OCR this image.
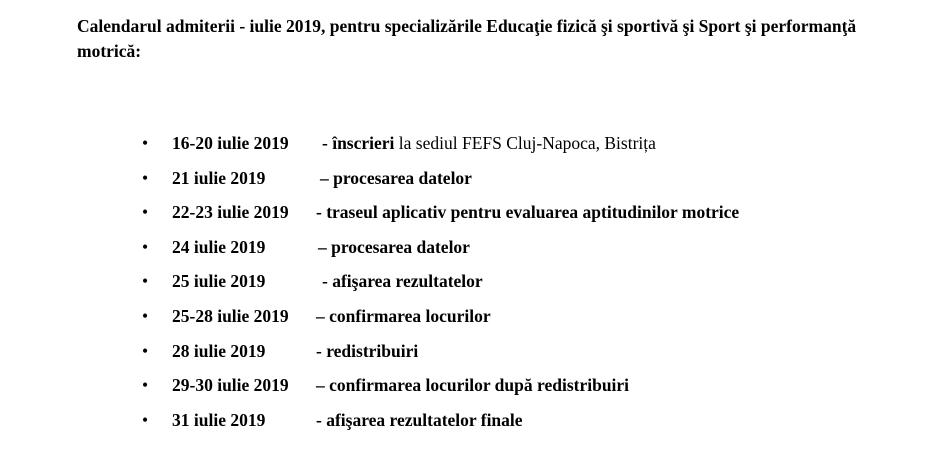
Calendarul admiterii - iulie 2019, pentru specializările Educaţie fizică şi sportivă şi Sport şi performanţă motrică:
• 16-20 iulie 2019 - înscrieri la sediul FEFS Cluj-Napoca, Bistrița
• 21 iulie 2019	– procesarea datelor
• 22-23 iulie 2019 - traseul aplicativ pentru evaluarea aptitudinilor motrice
• 24 iulie 2019	– procesarea datelor
• 25 iulie 2019	- afişarea rezultatelor
• 25-28 iulie 2019 – confirmarea locurilor
• 28 iulie 2019	- redistribuiri
• 29-30 iulie 2019 – confirmarea locurilor după redistribuiri
• 31 iulie 2019	- afişarea rezultatelor finale
